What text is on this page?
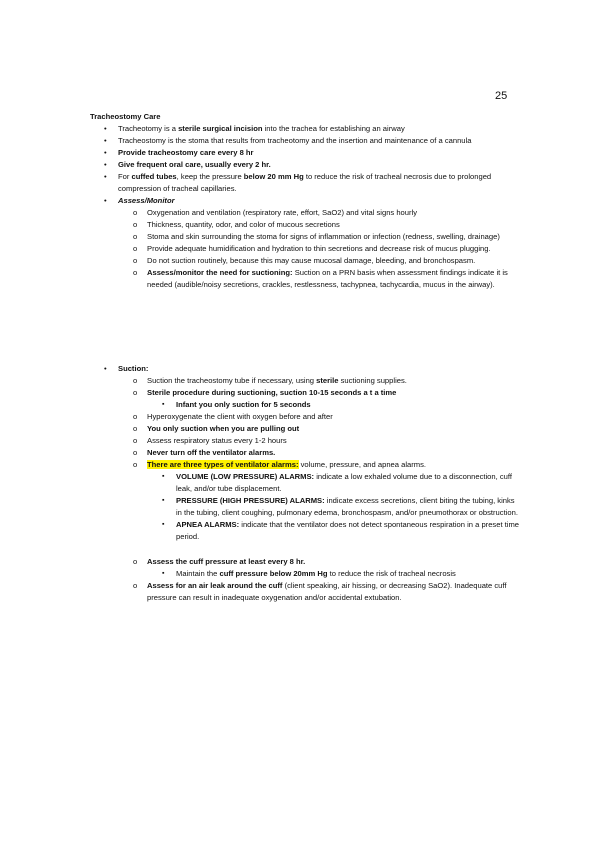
25
Tracheostomy Care
• Tracheotomy is a sterile surgical incision into the trachea for establishing an airway
• Tracheostomy is the stoma that results from tracheotomy and the insertion and maintenance of a cannula
• Provide tracheostomy care every 8 hr
• Give frequent oral care, usually every 2 hr.
• For cuffed tubes, keep the pressure below 20 mm Hg to reduce the risk of tracheal necrosis due to prolonged compression of tracheal capillaries.
• Assess/Monitor
o Oxygenation and ventilation (respiratory rate, effort, SaO2) and vital signs hourly
o Thickness, quantity, odor, and color of mucous secretions
o Stoma and skin surrounding the stoma for signs of inflammation or infection (redness, swelling, drainage)
o Provide adequate humidification and hydration to thin secretions and decrease risk of mucus plugging.
o Do not suction routinely, because this may cause mucosal damage, bleeding, and bronchospasm.
o Assess/monitor the need for suctioning: Suction on a PRN basis when assessment findings indicate it is needed (audible/noisy secretions, crackles, restlessness, tachypnea, tachycardia, mucus in the airway).
• Suction:
o Suction the tracheostomy tube if necessary, using sterile suctioning supplies.
o Sterile procedure during suctioning, suction 10-15 seconds a t a time
▪ Infant you only suction for 5 seconds
o Hyperoxygenate the client with oxygen before and after
o You only suction when you are pulling out
o Assess respiratory status every 1-2 hours
o Never turn off the ventilator alarms.
o There are three types of ventilator alarms: volume, pressure, and apnea alarms.
▪ VOLUME (LOW PRESSURE) ALARMS: indicate a low exhaled volume due to a disconnection, cuff leak, and/or tube displacement.
▪ PRESSURE (HIGH PRESSURE) ALARMS: indicate excess secretions, client biting the tubing, kinks in the tubing, client coughing, pulmonary edema, bronchospasm, and/or pneumothorax or obstruction.
▪ APNEA ALARMS: indicate that the ventilator does not detect spontaneous respiration in a preset time period.
o Assess the cuff pressure at least every 8 hr.
▪ Maintain the cuff pressure below 20mm Hg to reduce the risk of tracheal necrosis
o Assess for an air leak around the cuff (client speaking, air hissing, or decreasing SaO2). Inadequate cuff pressure can result in inadequate oxygenation and/or accidental extubation.
